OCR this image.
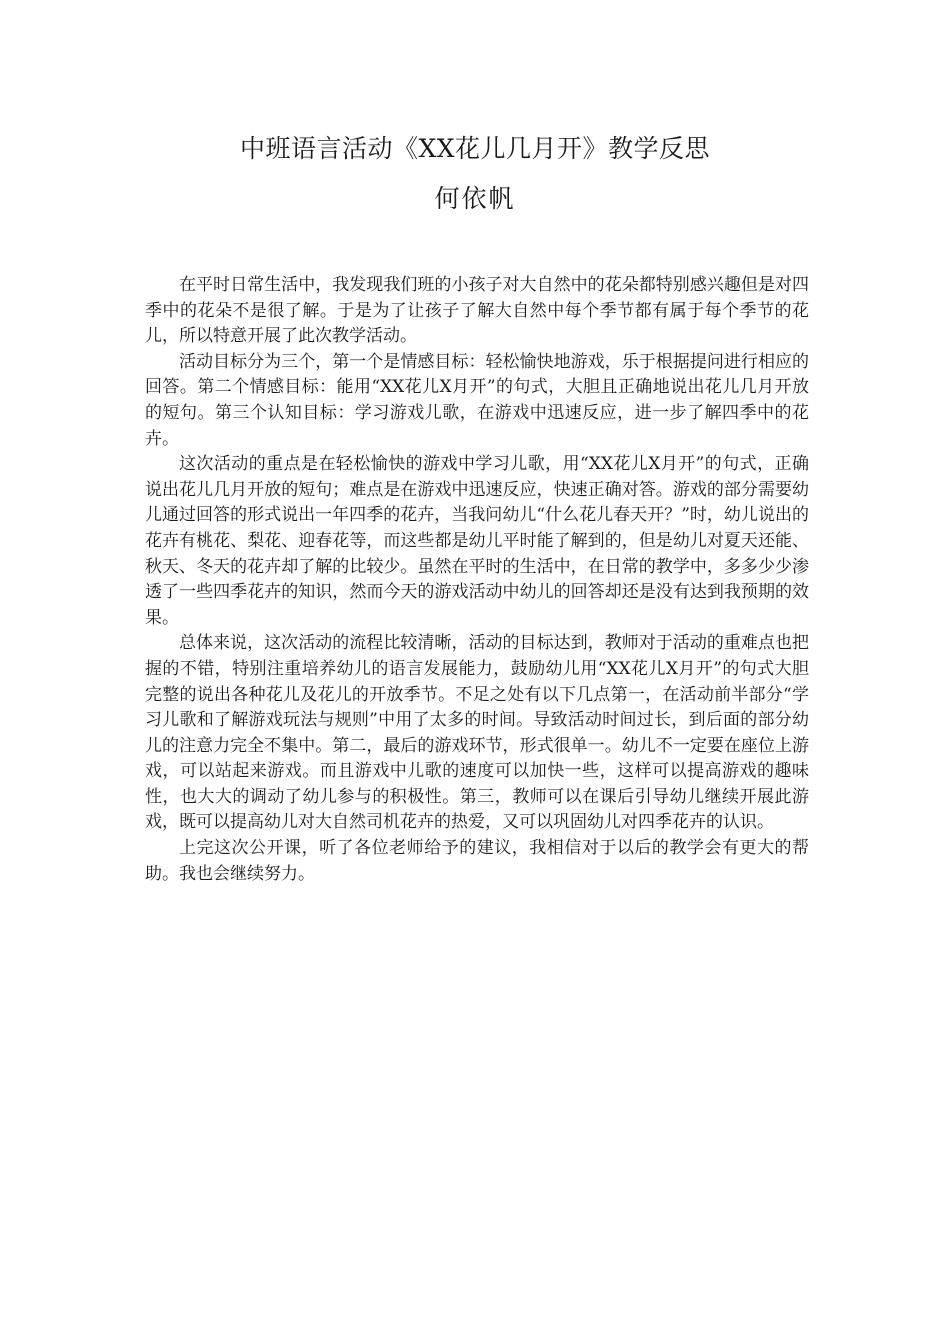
中班语言活动《XX花儿几月开》教学反思
何依帆

在平时日常生活中，我发现我们班的小孩子对大自然中的花朵都特别感兴趣但是对四季中的花朵不是很了解。于是为了让孩子了解大自然中每个季节都有属于每个季节的花儿，所以特意开展了此次教学活动。

活动目标分为三个，第一个是情感目标：轻松愉快地游戏，乐于根据提问进行相应的回答。第二个情感目标：能用“XX花儿X月开”的句式，大胆且正确地说出花儿几月开放的短句。第三个认知目标：学习游戏儿歌，在游戏中迅速反应，进一步了解四季中的花卉。

这次活动的重点是在轻松愉快的游戏中学习儿歌，用“XX花儿X月开”的句式，正确说出花儿几月开放的短句；难点是在游戏中迅速反应，快速正确对答。游戏的部分需要幼儿通过回答的形式说出一年四季的花卉，当我问幼儿“什么花儿春天开？”时，幼儿说出的花卉有桃花、梨花、迎春花等，而这些都是幼儿平时能了解到的，但是幼儿对夏天还能、秋天、冬天的花卉却了解的比较少。虽然在平时的生活中，在日常的教学中，多多少少渗透了一些四季花卉的知识，然而今天的游戏活动中幼儿的回答却还是没有达到我预期的效果。

总体来说，这次活动的流程比较清晰，活动的目标达到，教师对于活动的重难点也把握的不错，特别注重培养幼儿的语言发展能力，鼓励幼儿用“XX花儿X月开”的句式大胆完整的说出各种花儿及花儿的开放季节。不足之处有以下几点第一，在活动前半部分“学习儿歌和了解游戏玩法与规则”中用了太多的时间。导致活动时间过长，到后面的部分幼儿的注意力完全不集中。第二，最后的游戏环节，形式很单一。幼儿不一定要在座位上游戏，可以站起来游戏。而且游戏中儿歌的速度可以加快一些，这样可以提高游戏的趣味性，也大大的调动了幼儿参与的积极性。第三，教师可以在课后引导幼儿继续开展此游戏，既可以提高幼儿对大自然司机花卉的热爱，又可以巩固幼儿对四季花卉的认识。

上完这次公开课，听了各位老师给予的建议，我相信对于以后的教学会有更大的帮助。我也会继续努力。
